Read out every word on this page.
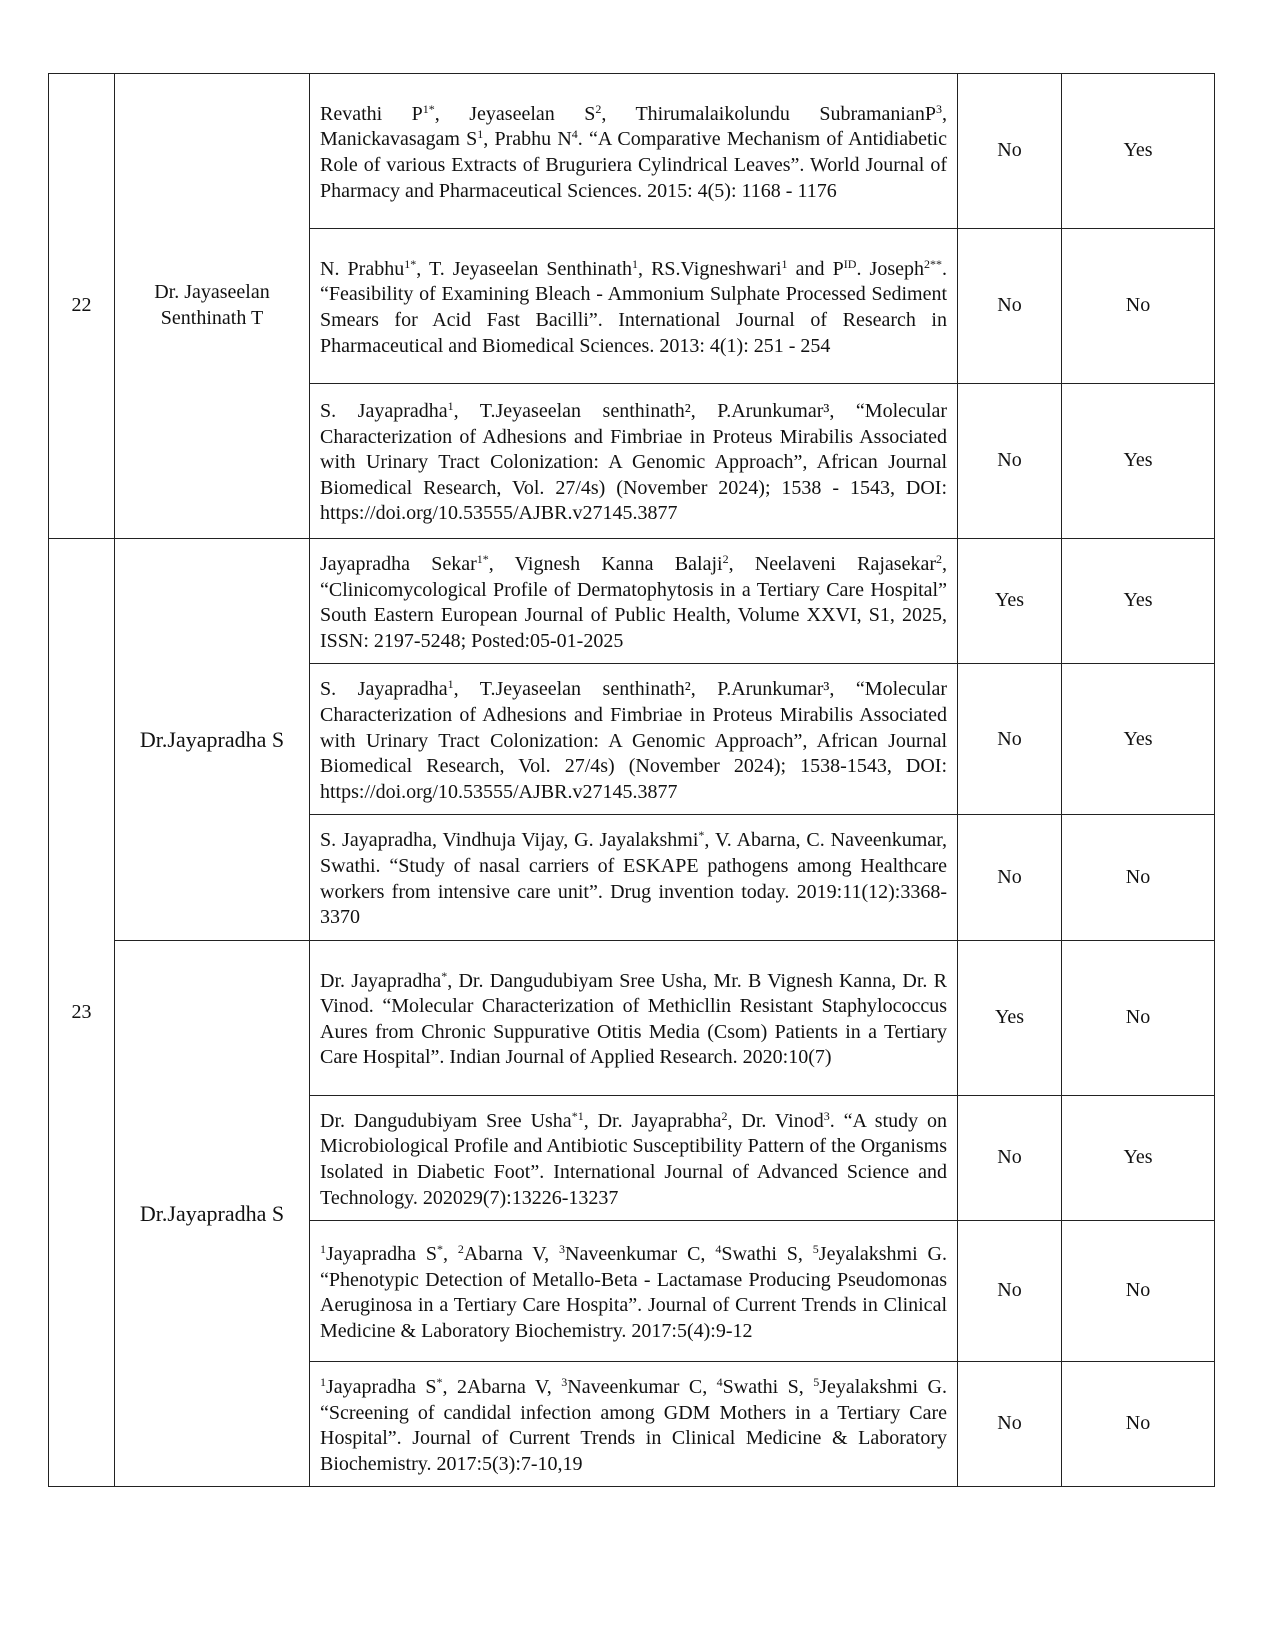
22	Dr. Jayaseelan Senthinath T	Revathi $P^{1*}$, Jeyaseelan $S^2$, Thirumalaikolundu SubramanianP$^3$, Manickavasagam $S^1$, Prabhu $N^4$. “A Comparative Mechanism of Antidiabetic Role of various Extracts of Bruguriera Cylindrical Leaves”. World Journal of Pharmacy and Pharmaceutical Sciences. 2015: 4(5): 1168 - 1176	No	Yes
		N. Prabhu$^{1*}$, T. Jeyaseelan Senthinath$^1$, RS.Vigneshwari$^1$ and $P^{ID}$. Joseph$^{2**}$. “Feasibility of Examining Bleach - Ammonium Sulphate Processed Sediment Smears for Acid Fast Bacilli”. International Journal of Research in Pharmaceutical and Biomedical Sciences. 2013: 4(1): 251 - 254	No	No
		S. Jayapradha$^1$, T.Jeyaseelan senthinath², P.Arunkumar³, “Molecular Characterization of Adhesions and Fimbriae in Proteus Mirabilis Associated with Urinary Tract Colonization: A Genomic Approach”, African Journal Biomedical Research, Vol. 27/4s) (November 2024); 1538 - 1543, DOI: https://doi.org/10.53555/AJBR.v27145.3877	No	Yes
23	Dr.Jayapradha S	Jayapradha Sekar$^{1*}$, Vignesh Kanna Balaji$^2$, Neelaveni Rajasekar$^2$, “Clinicomycological Profile of Dermatophytosis in a Tertiary Care Hospital” South Eastern European Journal of Public Health, Volume XXVI, S1, 2025, ISSN: 2197-5248; Posted:05-01-2025	Yes	Yes
		S. Jayapradha$^1$, T.Jeyaseelan senthinath², P.Arunkumar³, “Molecular Characterization of Adhesions and Fimbriae in Proteus Mirabilis Associated with Urinary Tract Colonization: A Genomic Approach”, African Journal Biomedical Research, Vol. 27/4s) (November 2024); 1538-1543, DOI: https://doi.org/10.53555/AJBR.v27145.3877	No	Yes
		S. Jayapradha, Vindhuja Vijay, G. Jayalakshmi*, V. Abarna, C. Naveenkumar, Swathi. “Study of nasal carriers of ESKAPE pathogens among Healthcare workers from intensive care unit”. Drug invention today. 2019:11(12):3368-3370	No	No
	Dr.Jayapradha S	Dr. Jayapradha*, Dr. Dangudubiyam Sree Usha, Mr. B Vignesh Kanna, Dr. R Vinod. “Molecular Characterization of Methicllin Resistant Staphylococcus Aures from Chronic Suppurative Otitis Media (Csom) Patients in a Tertiary Care Hospital”. Indian Journal of Applied Research. 2020:10(7)	Yes	No
		Dr. Dangudubiyam Sree Usha$^{*1}$, Dr. Jayaprabha$^2$, Dr. Vinod$^3$. “A study on Microbiological Profile and Antibiotic Susceptibility Pattern of the Organisms Isolated in Diabetic Foot”. International Journal of Advanced Science and Technology. 202029(7):13226-13237	No	Yes
		$^1$Jayapradha S*, $^2$Abarna V, $^3$Naveenkumar C, $^4$Swathi S, $^5$Jeyalakshmi G. “Phenotypic Detection of Metallo-Beta - Lactamase Producing Pseudomonas Aeruginosa in a Tertiary Care Hospita”. Journal of Current Trends in Clinical Medicine & Laboratory Biochemistry. 2017:5(4):9-12	No	No
		$^1$Jayapradha S*, 2Abarna V, $^3$Naveenkumar C, $^4$Swathi S, $^5$Jeyalakshmi G. “Screening of candidal infection among GDM Mothers in a Tertiary Care Hospital”. Journal of Current Trends in Clinical Medicine & Laboratory Biochemistry. 2017:5(3):7-10,19	No	No
